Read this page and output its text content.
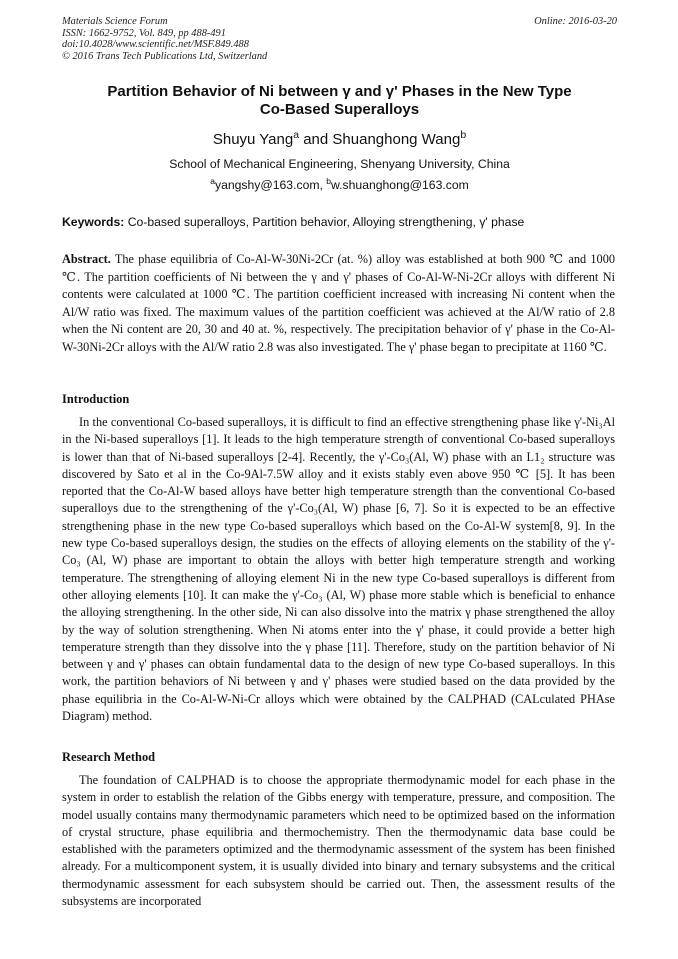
Materials Science Forum
ISSN: 1662-9752, Vol. 849, pp 488-491
doi:10.4028/www.scientific.net/MSF.849.488
© 2016 Trans Tech Publications Ltd, Switzerland
Online: 2016-03-20
Partition Behavior of Ni between γ and γ' Phases in the New Type
Co-Based Superalloys
Shuyu Yang$^a$ and Shuanghong Wang$^b$
School of Mechanical Engineering, Shenyang University, China
$^a$yangshy@163.com, $^b$w.shuanghong@163.com
Keywords: Co-based superalloys, Partition behavior, Alloying strengthening, γ' phase
Abstract. The phase equilibria of Co-Al-W-30Ni-2Cr (at. %) alloy was established at both 900 ℃ and 1000 ℃. The partition coefficients of Ni between the γ and γ' phases of Co-Al-W-Ni-2Cr alloys with different Ni contents were calculated at 1000 ℃. The partition coefficient increased with increasing Ni content when the Al/W ratio was fixed. The maximum values of the partition coefficient was achieved at the Al/W ratio of 2.8 when the Ni content are 20, 30 and 40 at. %, respectively. The precipitation behavior of γ' phase in the Co-Al-W-30Ni-2Cr alloys with the Al/W ratio 2.8 was also investigated. The γ' phase began to precipitate at 1160 ℃.
Introduction

In the conventional Co-based superalloys, it is difficult to find an effective strengthening phase like γ'-Ni₃Al in the Ni-based superalloys [1]. It leads to the high temperature strength of conventional Co-based superalloys is lower than that of Ni-based superalloys [2-4]. Recently, the γ'-Co₃(Al, W) phase with an L1₂ structure was discovered by Sato et al in the Co-9Al-7.5W alloy and it exists stably even above 950 ℃ [5]. It has been reported that the Co-Al-W based alloys have better high temperature strength than the conventional Co-based superalloys due to the strengthening of the γ'-Co₃(Al, W) phase [6, 7]. So it is expected to be an effective strengthening phase in the new type Co-based superalloys which based on the Co-Al-W system[8, 9]. In the new type Co-based superalloys design, the studies on the effects of alloying elements on the stability of the γ'-Co₃ (Al, W) phase are important to obtain the alloys with better high temperature strength and working temperature. The strengthening of alloying element Ni in the new type Co-based superalloys is different from other alloying elements [10]. It can make the γ'-Co₃ (Al, W) phase more stable which is beneficial to enhance the alloying strengthening. In the other side, Ni can also dissolve into the matrix γ phase strengthened the alloy by the way of solution strengthening. When Ni atoms enter into the γ' phase, it could provide a better high temperature strength than they dissolve into the γ phase [11]. Therefore, study on the partition behavior of Ni between γ and γ' phases can obtain fundamental data to the design of new type Co-based superalloys. In this work, the partition behaviors of Ni between γ and γ' phases were studied based on the data provided by the phase equilibria in the Co-Al-W-Ni-Cr alloys which were obtained by the CALPHAD (CALculated PHAse Diagram) method.

Research Method

The foundation of CALPHAD is to choose the appropriate thermodynamic model for each phase in the system in order to establish the relation of the Gibbs energy with temperature, pressure, and composition. The model usually contains many thermodynamic parameters which need to be optimized based on the information of crystal structure, phase equilibria and thermochemistry. Then the thermodynamic data base could be established with the parameters optimized and the thermodynamic assessment of the system has been finished already. For a multicomponent system, it is usually divided into binary and ternary subsystems and the critical thermodynamic assessment for each subsystem should be carried out. Then, the assessment results of the subsystems are incorporated
